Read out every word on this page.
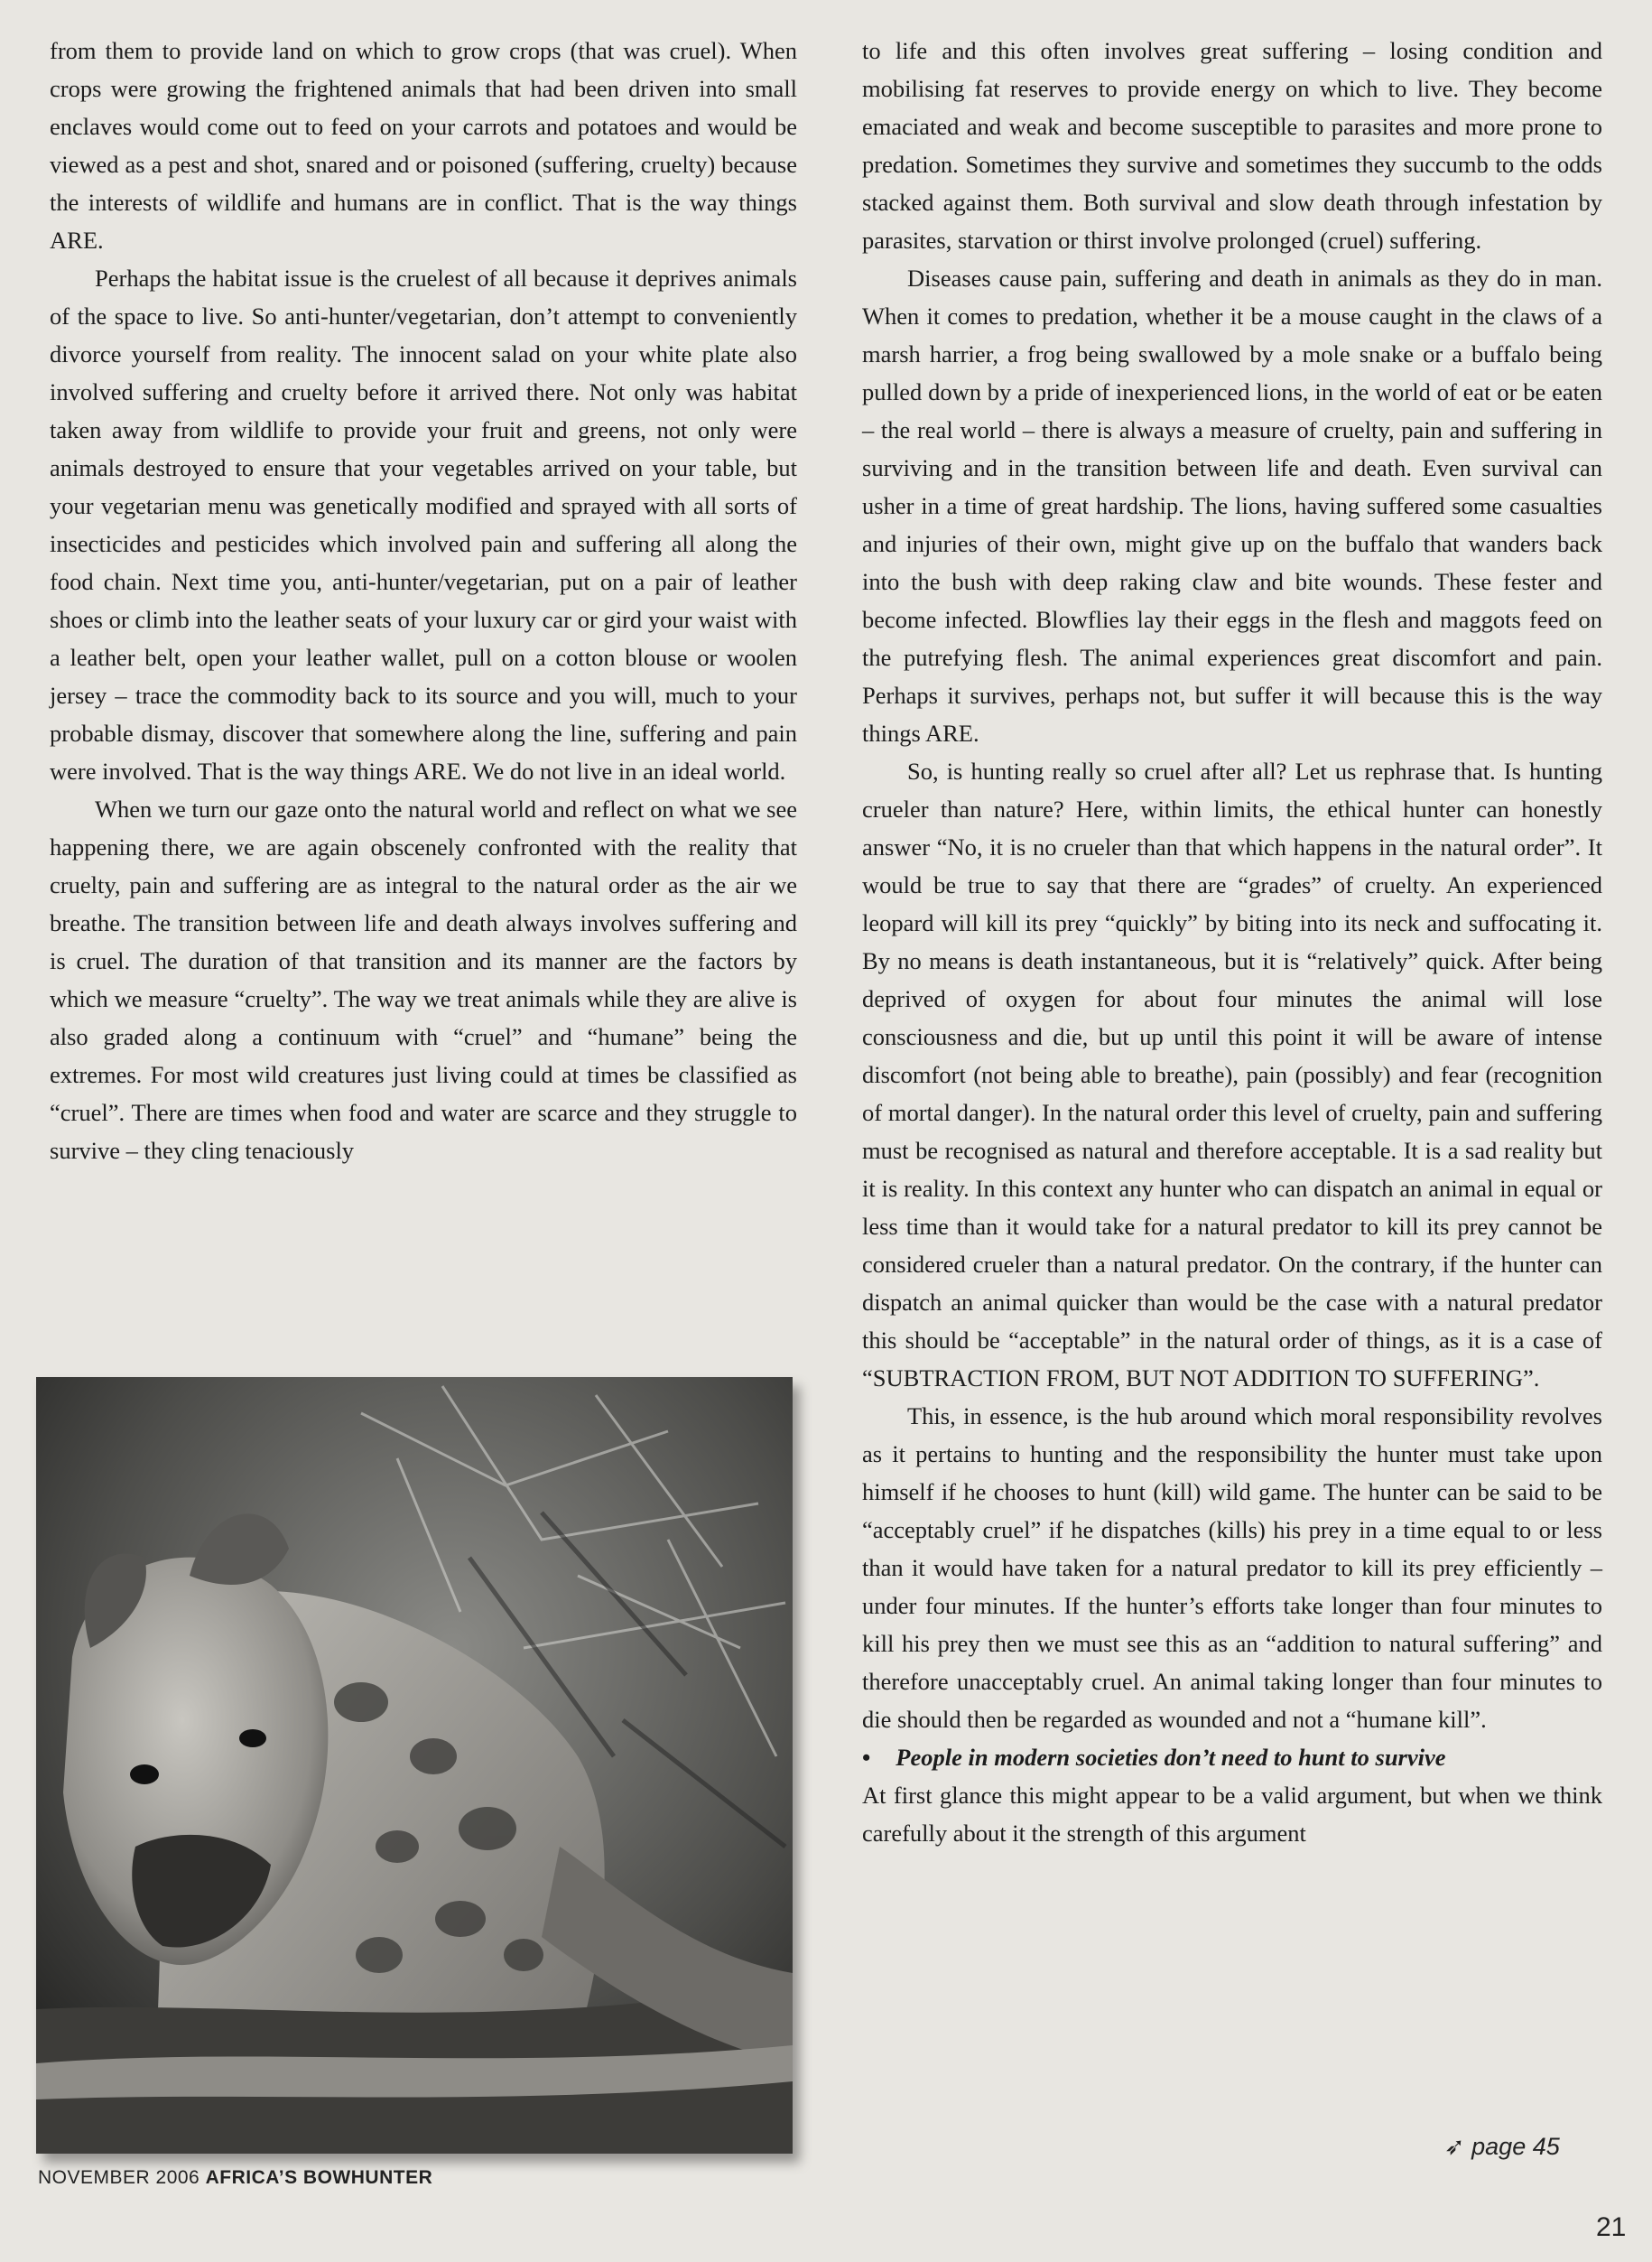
from them to provide land on which to grow crops (that was cruel). When crops were growing the frightened animals that had been driven into small enclaves would come out to feed on your carrots and potatoes and would be viewed as a pest and shot, snared and or poisoned (suffering, cruelty) because the interests of wildlife and humans are in conflict. That is the way things ARE.

Perhaps the habitat issue is the cruelest of all because it deprives animals of the space to live. So anti-hunter/vegetarian, don’t attempt to conveniently divorce yourself from reality. The innocent salad on your white plate also involved suffering and cruelty before it arrived there. Not only was habitat taken away from wildlife to provide your fruit and greens, not only were animals destroyed to ensure that your vegetables arrived on your table, but your vegetarian menu was genetically modified and sprayed with all sorts of insecticides and pesticides which involved pain and suffering all along the food chain. Next time you, anti-hunter/vegetarian, put on a pair of leather shoes or climb into the leather seats of your luxury car or gird your waist with a leather belt, open your leather wallet, pull on a cotton blouse or woolen jersey – trace the commodity back to its source and you will, much to your probable dismay, discover that somewhere along the line, suffering and pain were involved. That is the way things ARE. We do not live in an ideal world.

When we turn our gaze onto the natural world and reflect on what we see happening there, we are again obscenely confronted with the reality that cruelty, pain and suffering are as integral to the natural order as the air we breathe. The transition between life and death always involves suffering and is cruel. The duration of that transition and its manner are the factors by which we measure “cruelty”. The way we treat animals while they are alive is also graded along a continuum with “cruel” and “humane” being the extremes. For most wild creatures just living could at times be classified as “cruel”. There are times when food and water are scarce and they struggle to survive – they cling tenaciously

to life and this often involves great suffering – losing condition and mobilising fat reserves to provide energy on which to live. They become emaciated and weak and become susceptible to parasites and more prone to predation. Sometimes they survive and sometimes they succumb to the odds stacked against them. Both survival and slow death through infestation by parasites, starvation or thirst involve prolonged (cruel) suffering.

Diseases cause pain, suffering and death in animals as they do in man. When it comes to predation, whether it be a mouse caught in the claws of a marsh harrier, a frog being swallowed by a mole snake or a buffalo being pulled down by a pride of inexperienced lions, in the world of eat or be eaten – the real world – there is always a measure of cruelty, pain and suffering in surviving and in the transition between life and death. Even survival can usher in a time of great hardship. The lions, having suffered some casualties and injuries of their own, might give up on the buffalo that wanders back into the bush with deep raking claw and bite wounds. These fester and become infected. Blowflies lay their eggs in the flesh and maggots feed on the putrefying flesh. The animal experiences great discomfort and pain. Perhaps it survives, perhaps not, but suffer it will because this is the way things ARE.

So, is hunting really so cruel after all? Let us rephrase that. Is hunting crueler than nature? Here, within limits, the ethical hunter can honestly answer “No, it is no crueler than that which happens in the natural order”. It would be true to say that there are “grades” of cruelty. An experienced leopard will kill its prey “quickly” by biting into its neck and suffocating it. By no means is death instantaneous, but it is “relatively” quick. After being deprived of oxygen for about four minutes the animal will lose consciousness and die, but up until this point it will be aware of intense discomfort (not being able to breathe), pain (possibly) and fear (recognition of mortal danger). In the natural order this level of cruelty, pain and suffering must be recognised as natural and therefore acceptable. It is a sad reality but it is reality. In this context any hunter who can dispatch an animal in equal or less time than it would take for a natural predator to kill its prey cannot be considered crueler than a natural predator. On the contrary, if the hunter can dispatch an animal quicker than would be the case with a natural predator this should be “acceptable” in the natural order of things, as it is a case of “SUBTRACTION FROM, BUT NOT ADDITION TO SUFFERING”.

This, in essence, is the hub around which moral responsibility revolves as it pertains to hunting and the responsibility the hunter must take upon himself if he chooses to hunt (kill) wild game. The hunter can be said to be “acceptably cruel” if he dispatches (kills) his prey in a time equal to or less than it would have taken for a natural predator to kill its prey efficiently – under four minutes. If the hunter’s efforts take longer than four minutes to kill his prey then we must see this as an “addition to natural suffering” and therefore unacceptably cruel. An animal taking longer than four minutes to die should then be regarded as wounded and not a “humane kill”.

• People in modern societies don’t need to hunt to survive

At first glance this might appear to be a valid argument, but when we think carefully about it the strength of this argument

➶ page 45
NOVEMBER 2006 AFRICA’S BOWHUNTER
21
